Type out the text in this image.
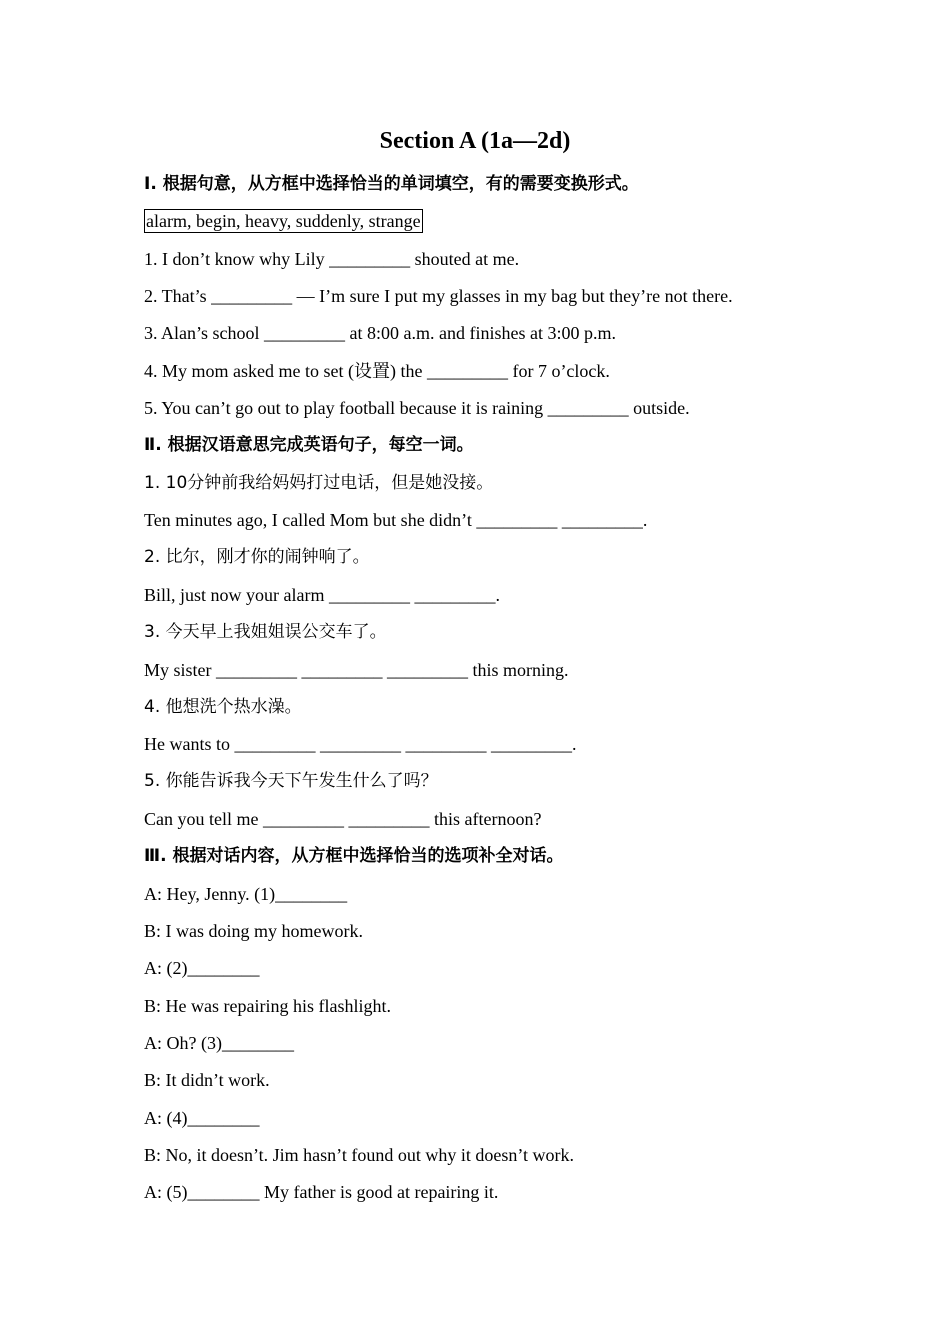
Section A (1a—2d)
Ⅰ. 根据句意，从方框中选择恰当的单词填空，有的需要变换形式。
alarm, begin, heavy, suddenly, strange
1. I don’t know why Lily _________ shouted at me.
2. That’s _________ — I’m sure I put my glasses in my bag but they’re not there.
3. Alan’s school _________ at 8:00 a.m. and finishes at 3:00 p.m.
4. My mom asked me to set (设置) the _________ for 7 o’clock.
5. You can’t go out to play football because it is raining _________ outside.
Ⅱ. 根据汉语意思完成英语句子，每空一词。
1. 10分钟前我给妈妈打过电话，但是她没接。
Ten minutes ago, I called Mom but she didn’t _________ _________.
2. 比尔，刚才你的闹钟响了。
Bill, just now your alarm _________ _________.
3. 今天早上我姐姐误公交车了。
My sister _________ _________ _________ this morning.
4. 他想洗个热水澡。
He wants to _________ _________ _________ _________.
5. 你能告诉我今天下午发生什么了吗？
Can you tell me _________ _________ this afternoon?
Ⅲ. 根据对话内容，从方框中选择恰当的选项补全对话。
A: Hey, Jenny. (1)________
B: I was doing my homework.
A: (2)________
B: He was repairing his flashlight.
A: Oh? (3)________
B: It didn’t work.
A: (4)________
B: No, it doesn’t. Jim hasn’t found out why it doesn’t work.
A: (5)________ My father is good at repairing it.
